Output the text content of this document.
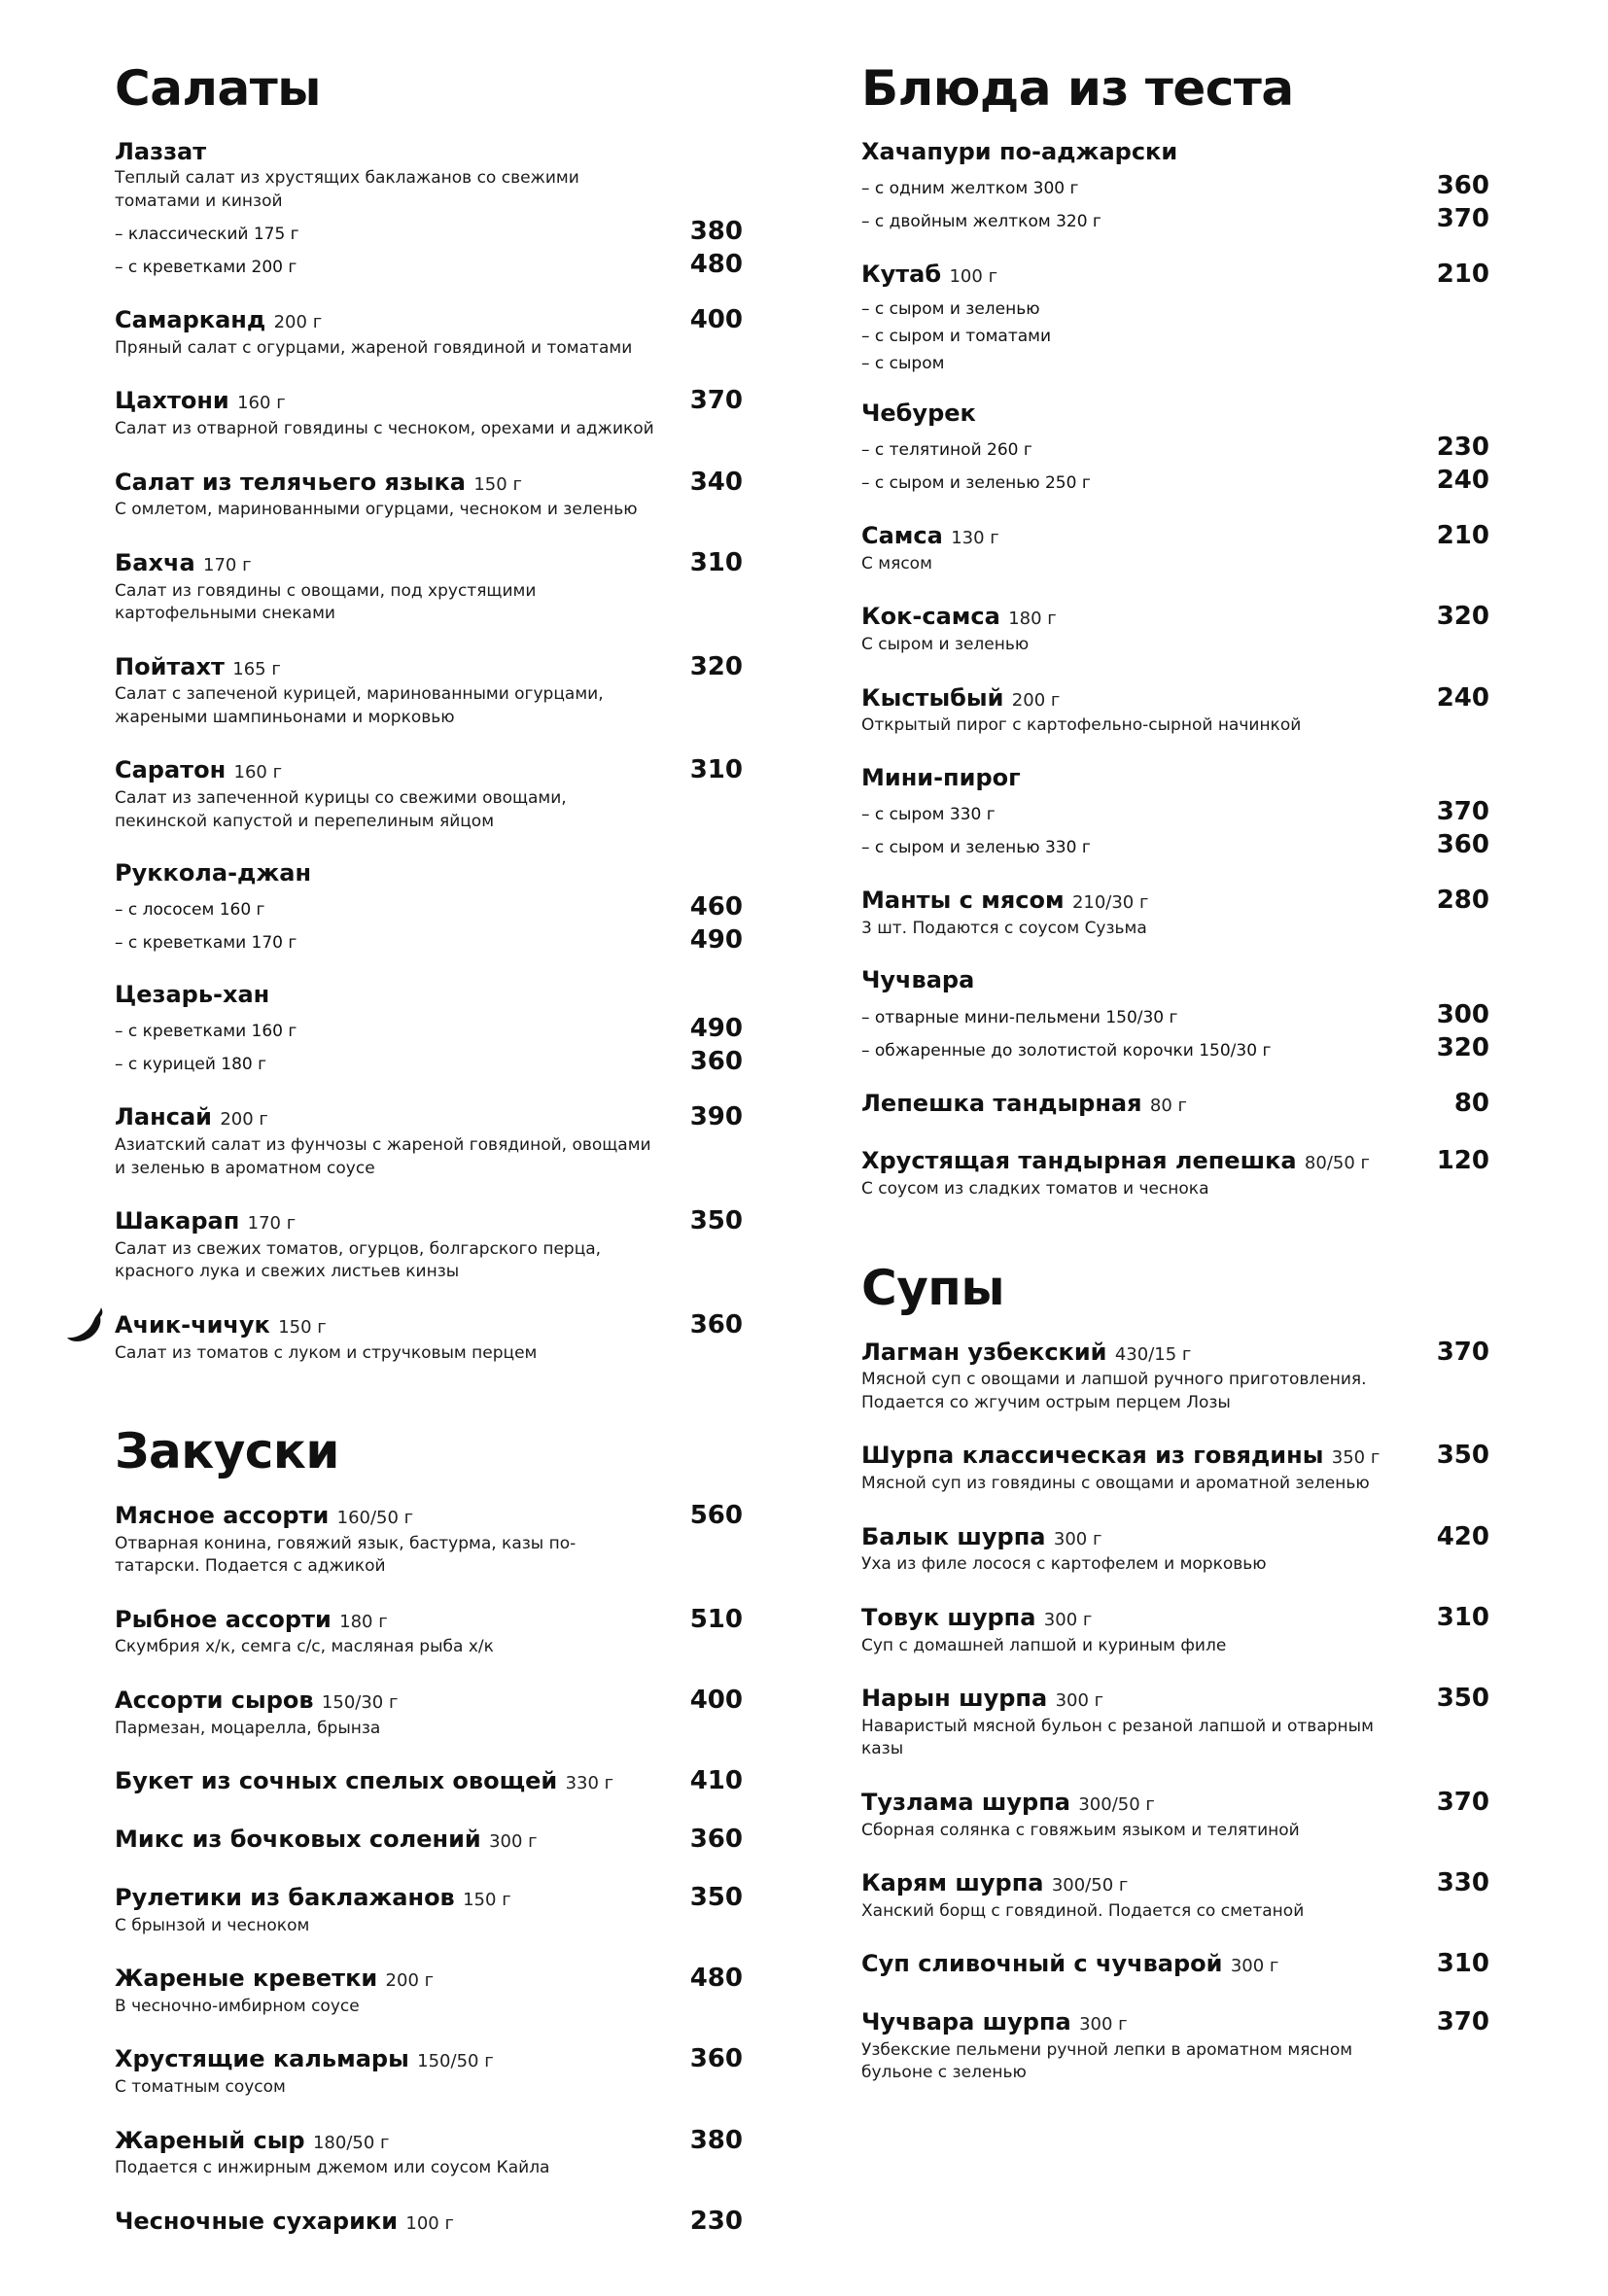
Салаты
Лаззат
Теплый салат из хрустящих баклажанов со свежими томатами и кинзой
– классический 175 г	380
– с креветками 200 г	480
Самарканд 200 г	400
Пряный салат с огурцами, жареной говядиной и томатами
Цахтони 160 г	370
Салат из отварной говядины с чесноком, орехами и аджикой
Салат из телячьего языка 150 г	340
С омлетом, маринованными огурцами, чесноком и зеленью
Бахча 170 г	310
Салат из говядины с овощами, под хрустящими картофельными снеками
Пойтахт 165 г	320
Салат с запеченой курицей, маринованными огурцами, жареными шампиньонами и морковью
Саратон 160 г	310
Салат из запеченной курицы со свежими овощами, пекинской капустой и перепелиным яйцом
Руккола-джан
– с лососем 160 г	460
– с креветками 170 г	490
Цезарь-хан
– с креветками 160 г	490
– с курицей 180 г	360
Лансай 200 г	390
Азиатский салат из фунчозы с жареной говядиной, овощами и зеленью в ароматном соусе
Шакарап 170 г	350
Салат из свежих томатов, огурцов, болгарского перца, красного лука и свежих листьев кинзы
Ачик-чичук 150 г	360
Салат из томатов с луком и стручковым перцем
Закуски
Мясное ассорти 160/50 г	560
Отварная конина, говяжий язык, бастурма, казы по-татарски. Подается с аджикой
Рыбное ассорти 180 г	510
Скумбрия х/к, семга с/с, масляная рыба х/к
Ассорти сыров 150/30 г	400
Пармезан, моцарелла, брынза
Букет из сочных спелых овощей 330 г	410
Микс из бочковых солений 300 г	360
Рулетики из баклажанов 150 г	350
С брынзой и чесноком
Жареные креветки 200 г	480
В чесночно-имбирном соусе
Хрустящие кальмары 150/50 г	360
С томатным соусом
Жареный сыр 180/50 г	380
Подается с инжирным джемом или соусом Кайла
Чесночные сухарики 100 г	230
Блюда из теста
Хачапури по-аджарски
– с одним желтком 300 г	360
– с двойным желтком 320 г	370
Кутаб 100 г	210
– с сыром и зеленью
– с сыром и томатами
– с сыром
Чебурек
– с телятиной 260 г	230
– с сыром и зеленью 250 г	240
Самса 130 г	210
С мясом
Кок-самса 180 г	320
С сыром и зеленью
Кыстыбый 200 г	240
Открытый пирог с картофельно-сырной начинкой
Мини-пирог
– с сыром 330 г	370
– с сыром и зеленью 330 г	360
Манты с мясом 210/30 г	280
3 шт. Подаются с соусом Сузьма
Чучвара
– отварные мини-пельмени 150/30 г	300
– обжаренные до золотистой корочки 150/30 г	320
Лепешка тандырная 80 г	80
Хрустящая тандырная лепешка 80/50 г	120
С соусом из сладких томатов и чеснока
Супы
Лагман узбекский 430/15 г	370
Мясной суп с овощами и лапшой ручного приготовления. Подается со жгучим острым перцем Лозы
Шурпа классическая из говядины 350 г	350
Мясной суп из говядины с овощами и ароматной зеленью
Балык шурпа 300 г	420
Уха из филе лосося с картофелем и морковью
Товук шурпа 300 г	310
Суп с домашней лапшой и куриным филе
Нарын шурпа 300 г	350
Наваристый мясной бульон с резаной лапшой и отварным казы
Тузлама шурпа 300/50 г	370
Сборная солянка с говяжьим языком и телятиной
Карям шурпа 300/50 г	330
Ханский борщ с говядиной. Подается со сметаной
Суп сливочный с чучварой 300 г	310
Чучвара шурпа 300 г	370
Узбекские пельмени ручной лепки в ароматном мясном бульоне с зеленью
